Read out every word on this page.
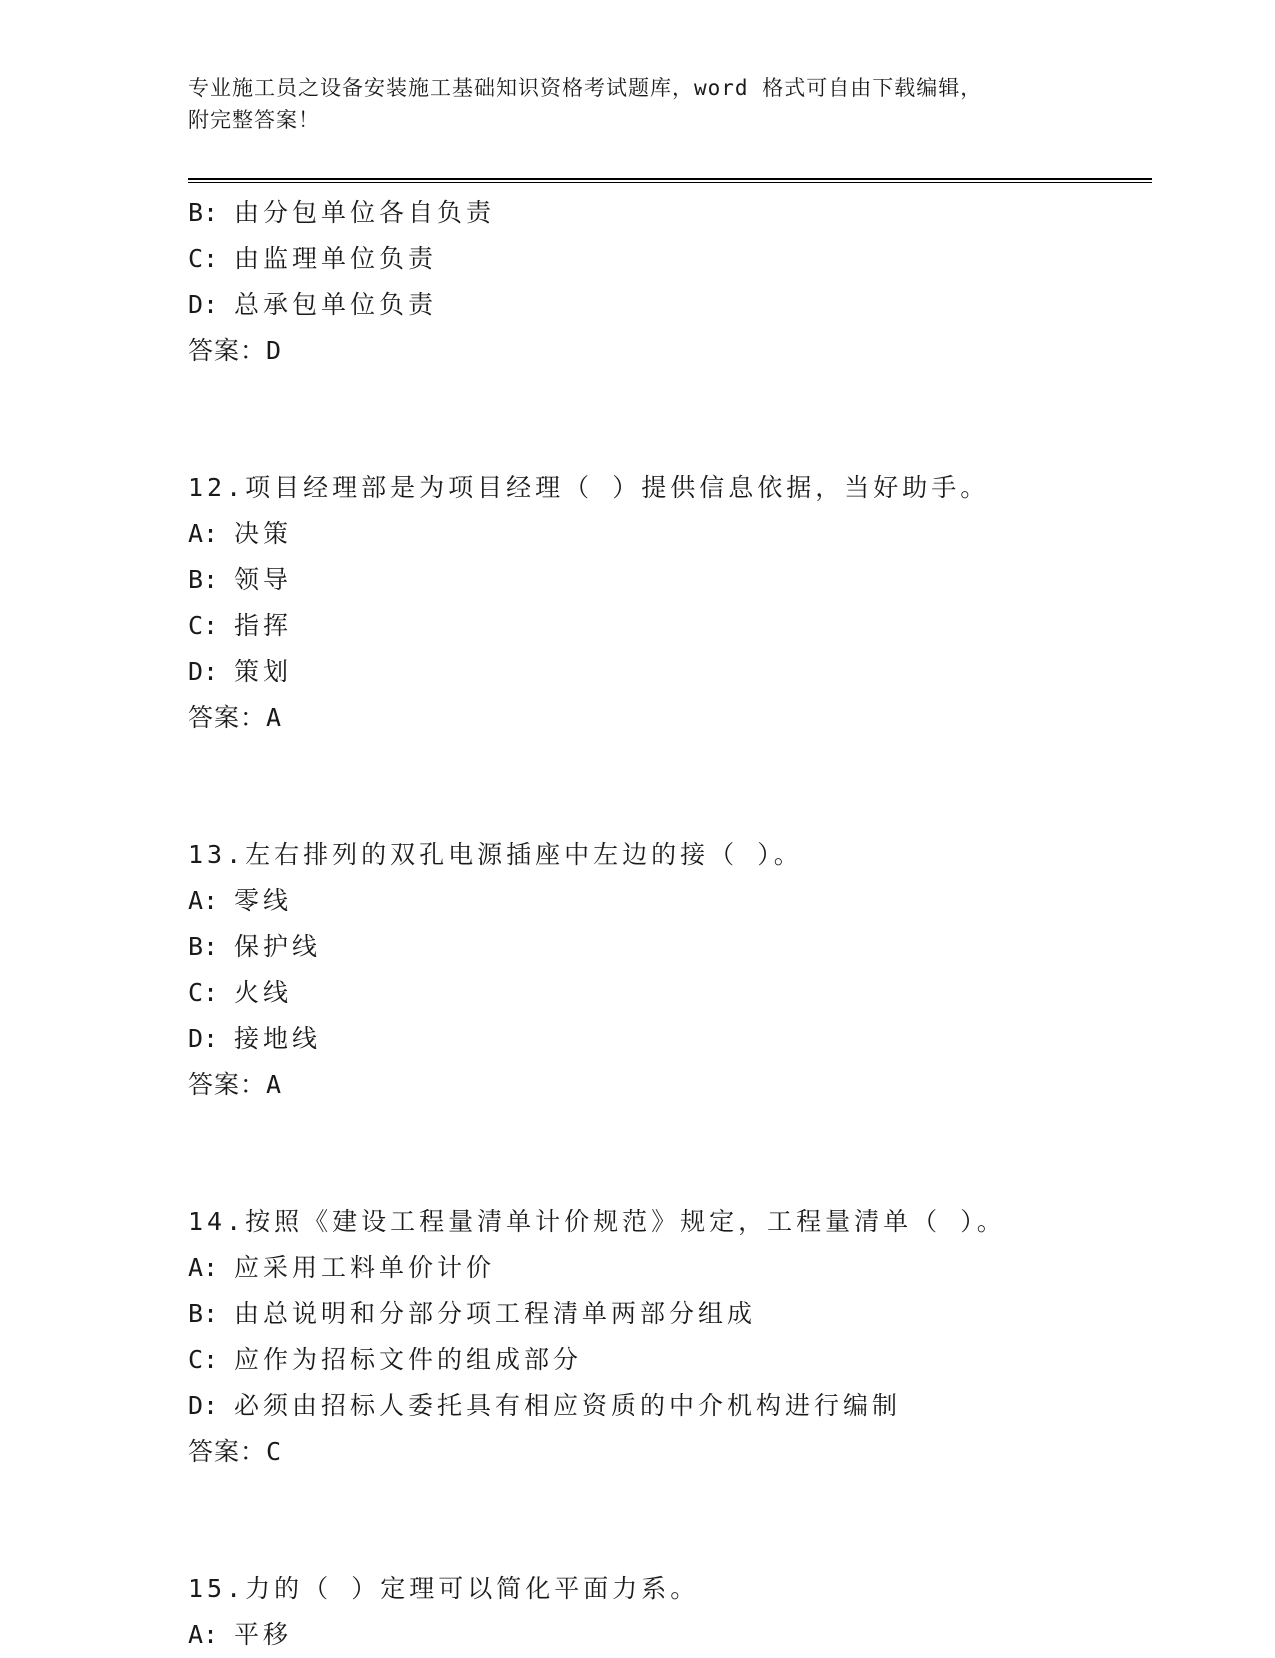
专业施工员之设备安装施工基础知识资格考试题库，word 格式可自由下载编辑，
附完整答案！
B: 由分包单位各自负责
C: 由监理单位负责
D: 总承包单位负责
答案：D
12.项目经理部是为项目经理（ ）提供信息依据，当好助手。
A: 决策
B: 领导
C: 指挥
D: 策划
答案：A
13.左右排列的双孔电源插座中左边的接（ ）。
A: 零线
B: 保护线
C: 火线
D: 接地线
答案：A
14.按照《建设工程量清单计价规范》规定，工程量清单（ ）。
A: 应采用工料单价计价
B: 由总说明和分部分项工程清单两部分组成
C: 应作为招标文件的组成部分
D: 必须由招标人委托具有相应资质的中介机构进行编制
答案：C
15.力的（ ）定理可以简化平面力系。
A: 平移
